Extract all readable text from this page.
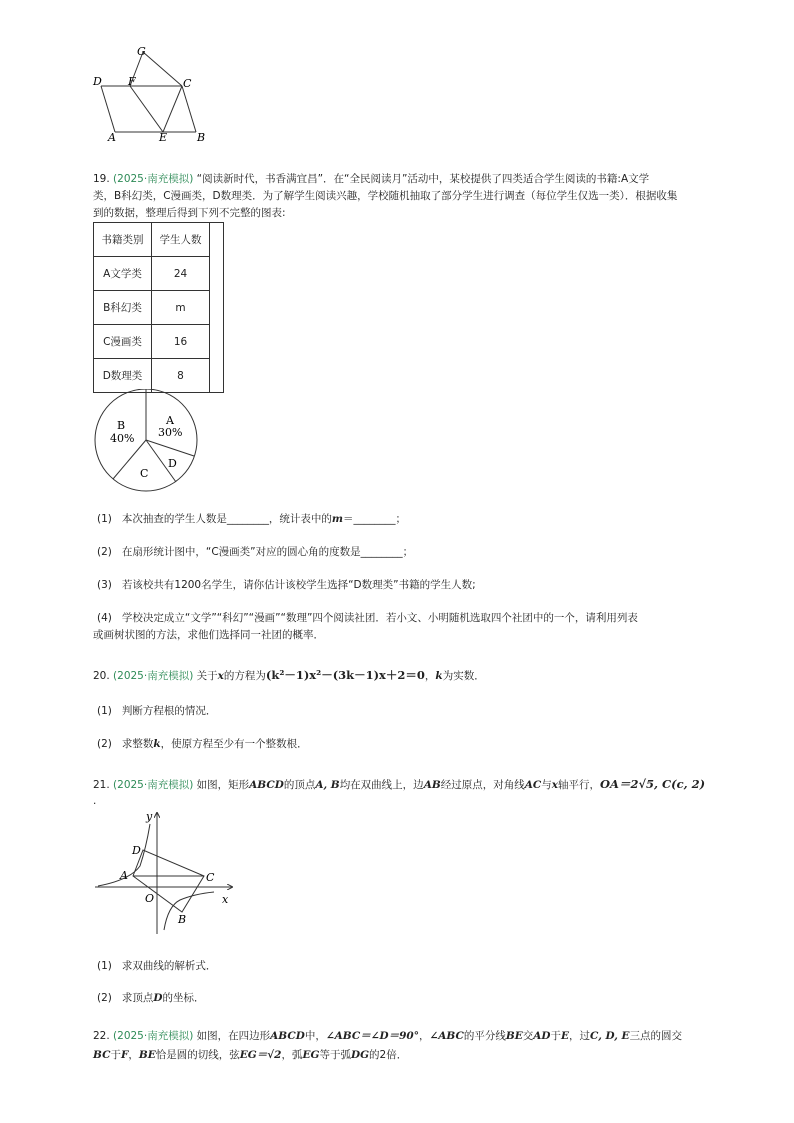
G
D F	C
A	E	B
19. (2025·南充模拟) “阅读新时代，书香满宜昌”．在“全民阅读月”活动中，某校提供了四类适合学生阅读的书籍:A文学
类，B科幻类，C漫画类，D数理类．为了解学生阅读兴趣，学校随机抽取了部分学生进行调查（每位学生仅选一类）．根据收集
到的数据，整理后得到下列不完整的图表:
书籍类别	学生人数	
A文学类	24	
B科幻类	m	
C漫画类	16	
D数理类	8	
A
30%
B
40%
C
D
(1) 本次抽查的学生人数是________，统计表中的m＝________；
(2) 在扇形统计图中，“C漫画类”对应的圆心角的度数是________；
(3) 若该校共有1200名学生，请你估计该校学生选择“D数理类”书籍的学生人数;
(4) 学校决定成立“文学”“科幻”“漫画”“数理”四个阅读社团．若小文、小明随机选取四个社团中的一个，请利用列表
或画树状图的方法，求他们选择同一社团的概率．
20. (2025·南充模拟) 关于x的方程为(k²－1)x²－(3k－1)x＋2＝0，k为实数．
(1) 判断方程根的情况．
(2) 求整数k，使原方程至少有一个整数根．
21. (2025·南充模拟) 如图，矩形ABCD的顶点A, B均在双曲线上，边AB经过原点，对角线AC与x轴平行，OA＝2√5, C(c, 2)
.
y
x
O
A
B
C
D
(1) 求双曲线的解析式．
(2) 求顶点D的坐标．
22. (2025·南充模拟) 如图，在四边形ABCD中，∠ABC＝∠D＝90°，∠ABC的平分线BE交AD于E，过C, D, E三点的圆交
BC于F，BE恰是圆的切线，弦EG＝√2，弧EG等于弧DG的2倍．
